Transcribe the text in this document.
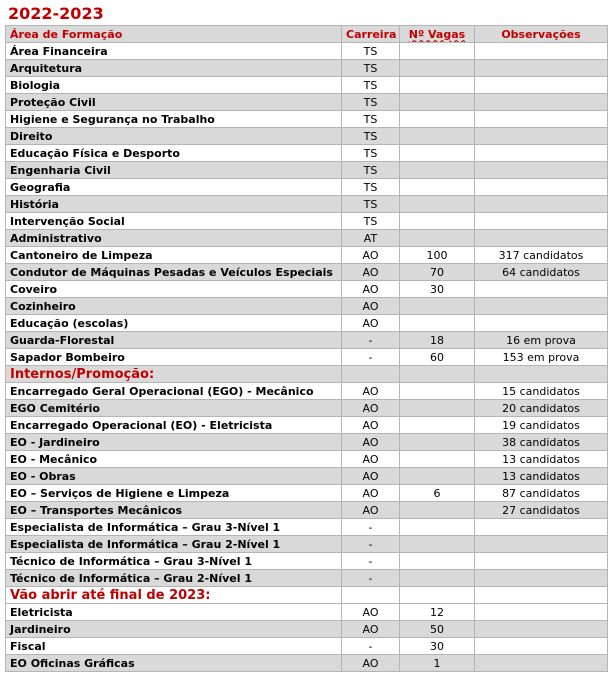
2022-2023
Área de Formação	Carreira	Nº Vagas	Observações
Área Financeira	TS		
Arquitetura	TS		
Biologia	TS		
Proteção Civil	TS		
Higiene e Segurança no Trabalho	TS		
Direito	TS		
Educação Física e Desporto	TS		
Engenharia Civil	TS		
Geografia	TS		
História	TS		
Intervenção Social	TS		
Administrativo	AT		
Cantoneiro de Limpeza	AO	100	317 candidatos
Condutor de Máquinas Pesadas e Veículos Especiais	AO	70	64 candidatos
Coveiro	AO	30	
Cozinheiro	AO		
Educação (escolas)	AO		
Guarda-Florestal	-	18	16 em prova
Sapador Bombeiro	-	60	153 em prova
Internos/Promoção:			
Encarregado Geral Operacional (EGO) - Mecânico	AO		15 candidatos
EGO Cemitério	AO		20 candidatos
Encarregado Operacional (EO) - Eletricista	AO		19 candidatos
EO - Jardineiro	AO		38 candidatos
EO - Mecânico	AO		13 candidatos
EO - Obras	AO		13 candidatos
EO – Serviços de Higiene e Limpeza	AO	6	87 candidatos
EO – Transportes Mecânicos	AO		27 candidatos
Especialista de Informática – Grau 3-Nível 1	-		
Especialista de Informática – Grau 2-Nível 1	-		
Técnico de Informática – Grau 3-Nível 1	-		
Técnico de Informática – Grau 2-Nível 1	-		
Vão abrir até final de 2023:			
Eletricista	AO	12	
Jardineiro	AO	50	
Fiscal	-	30	
EO Oficinas Gráficas	AO	1	
